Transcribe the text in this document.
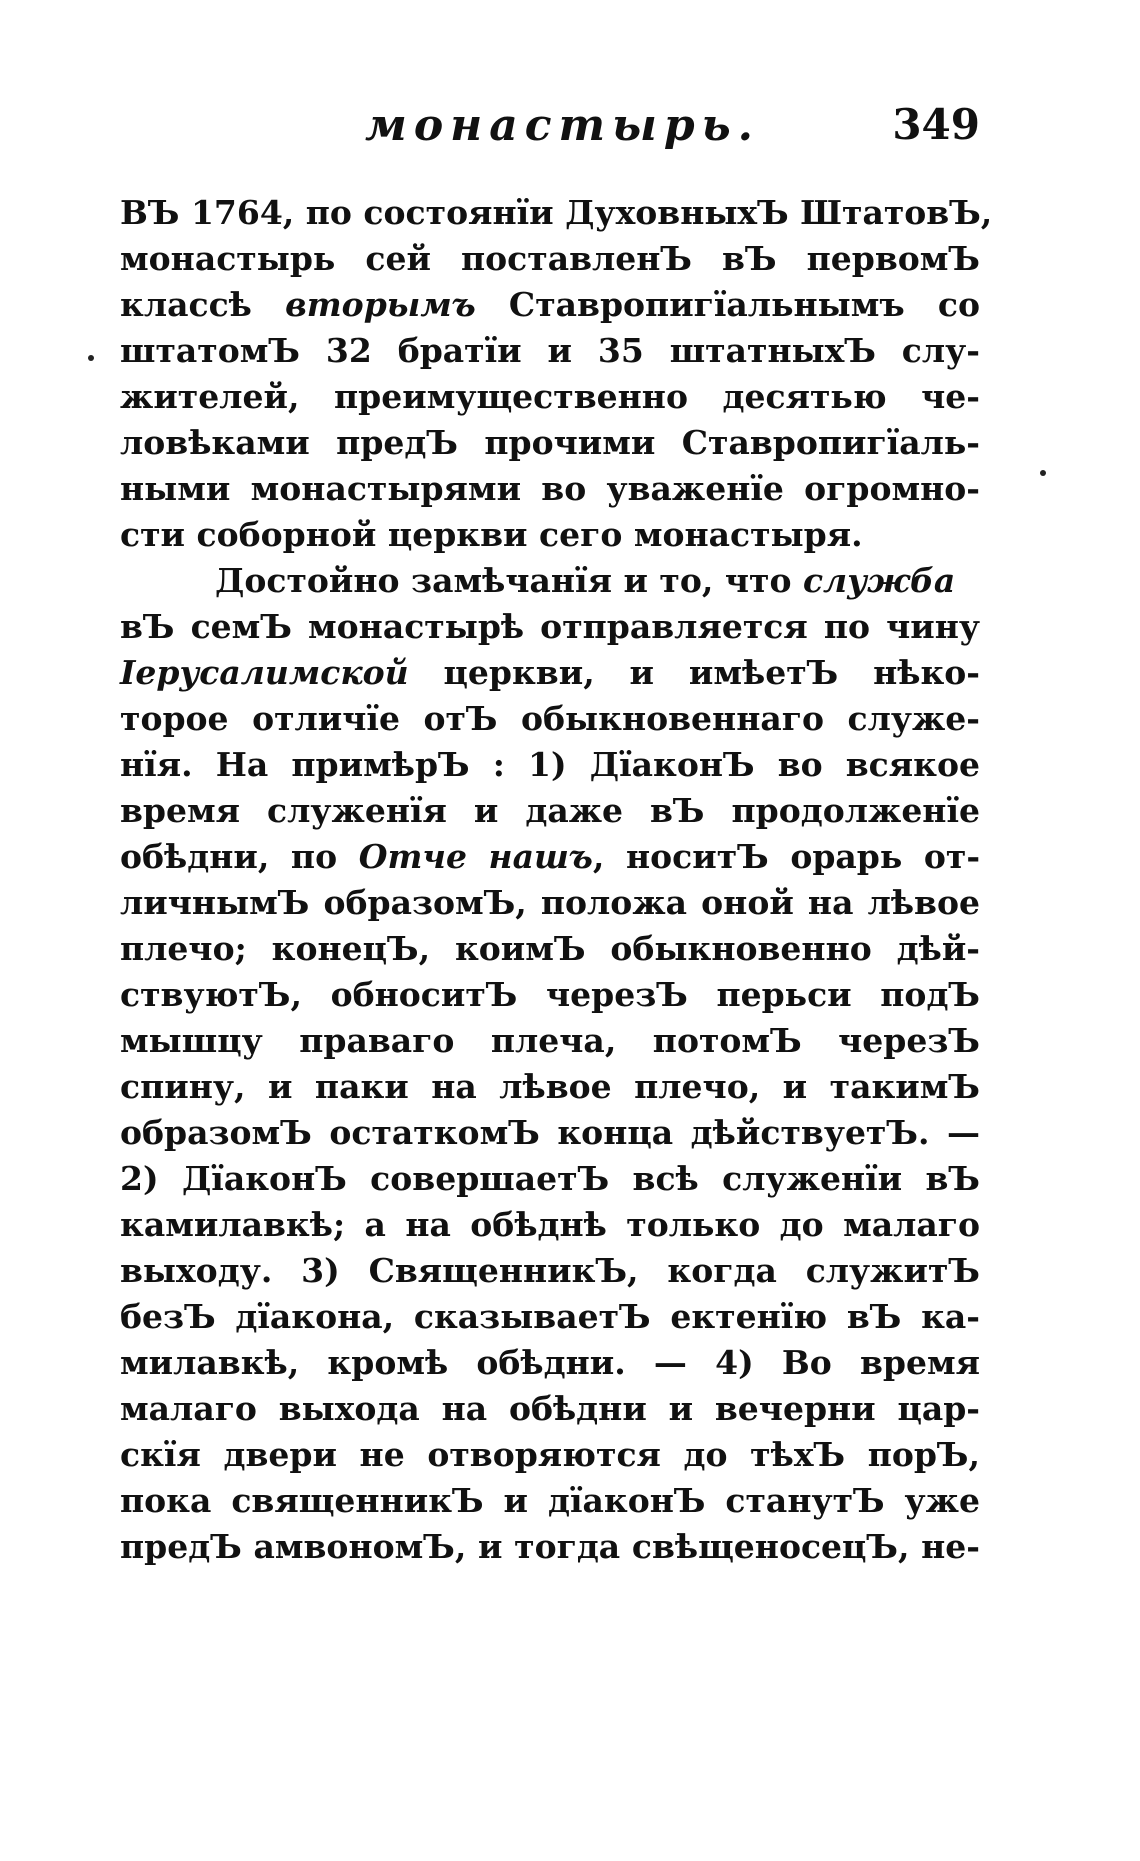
монастырь.	349
ВЪ 1764, по состоянїи ДуховныхЪ ШтатовЪ,
монастырь сей поставленЪ вЪ первомЪ
классѣ вторымъ Ставропигїальнымъ со
штатомЪ 32 братїи и 35 штатныхЪ слу-
жителей, преимущественно десятью че-
ловѣками предЪ прочими Ставропигїаль-
ными монастырями во уваженїе огромно-
сти соборной церкви сего монастыря.
Достойно замѣчанїя и то, что служба
вЪ семЪ монастырѣ отправляется по чину
Іерусалимской церкви, и имѣетЪ нѣко-
торое отличїе отЪ обыкновеннаго служе-
нїя. На примѣрЪ : 1) ДїаконЪ во всякое
время служенїя и даже вЪ продолженїе
обѣдни, по Отче нашъ, носитЪ орарь от-
личнымЪ образомЪ, положа оной на лѣвое
плечо; конецЪ, коимЪ обыкновенно дѣй-
ствуютЪ, обноситЪ черезЪ перьси подЪ
мышцу праваго плеча, потомЪ черезЪ
спину, и паки на лѣвое плечо, и такимЪ
образомЪ остаткомЪ конца дѣйствуетЪ. —
2) ДїаконЪ совершаетЪ всѣ служенїи вЪ
камилавкѣ; а на обѣднѣ только до малаго
выходу. 3) СвященникЪ, когда служитЪ
безЪ дїакона, сказываетЪ ектенїю вЪ ка-
милавкѣ, кромѣ обѣдни. — 4) Во время
малаго выхода на обѣдни и вечерни цар-
скїя двери не отворяются до тѣхЪ порЪ,
пока священникЪ и дїаконЪ станутЪ уже
предЪ амвономЪ, и тогда свѣщеносецЪ, не-
